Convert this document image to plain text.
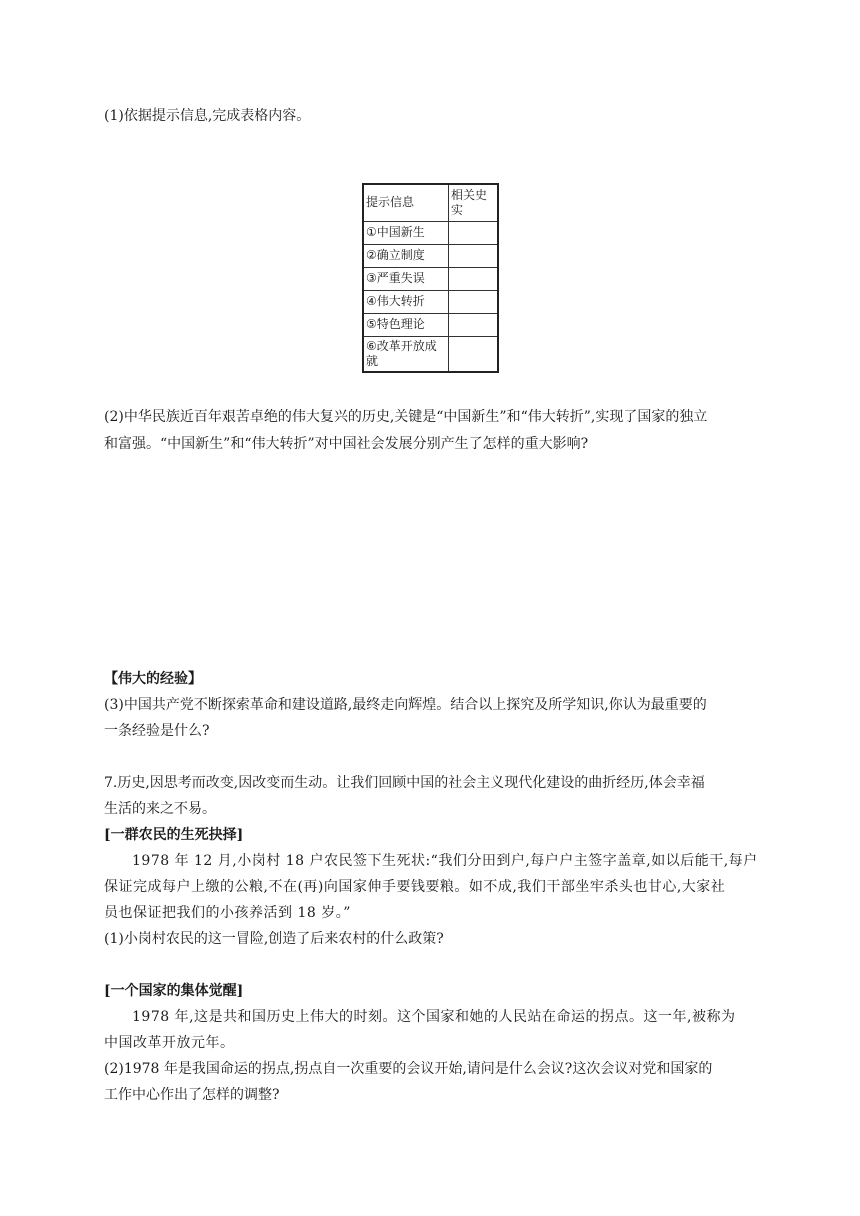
(1)依据提示信息,完成表格内容。
提示信息	相关史实
①中国新生	
②确立制度	
③严重失误	
④伟大转折	
⑤特色理论	
⑥改革开放成就	
(2)中华民族近百年艰苦卓绝的伟大复兴的历史,关键是“中国新生”和“伟大转折”,实现了国家的独立
和富强。“中国新生”和“伟大转折”对中国社会发展分别产生了怎样的重大影响?
【伟大的经验】
(3)中国共产党不断探索革命和建设道路,最终走向辉煌。结合以上探究及所学知识,你认为最重要的
一条经验是什么?
7.历史,因思考而改变,因改变而生动。让我们回顾中国的社会主义现代化建设的曲折经历,体会幸福
生活的来之不易。
[一群农民的生死抉择]
1978 年 12 月,小岗村 18 户农民签下生死状:“我们分田到户,每户户主签字盖章,如以后能干,每户
保证完成每户上缴的公粮,不在(再)向国家伸手要钱要粮。如不成,我们干部坐牢杀头也甘心,大家社
员也保证把我们的小孩养活到 18 岁。”
(1)小岗村农民的这一冒险,创造了后来农村的什么政策?
[一个国家的集体觉醒]
1978 年,这是共和国历史上伟大的时刻。这个国家和她的人民站在命运的拐点。这一年,被称为
中国改革开放元年。
(2)1978 年是我国命运的拐点,拐点自一次重要的会议开始,请问是什么会议?这次会议对党和国家的
工作中心作出了怎样的调整?
